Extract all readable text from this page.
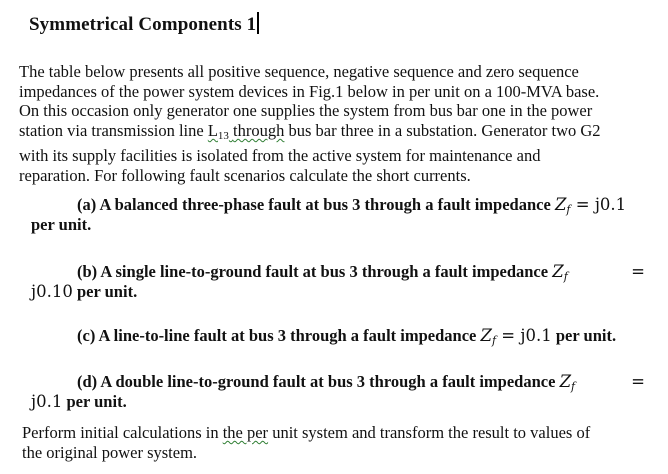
Symmetrical Components 1
The table below presents all positive sequence, negative sequence and zero sequence
impedances of the power system devices in Fig.1 below in per unit on a 100-MVA base.
On this occasion only generator one supplies the system from bus bar one in the power
station via transmission line L13 through bus bar three in a substation. Generator two G2
with its supply facilities is isolated from the active system for maintenance and
reparation. For following fault scenarios calculate the short currents.
(a) A balanced three-phase fault at bus 3 through a fault impedance $Z_f = j0.1$
per unit.
(b) A single line-to-ground fault at bus 3 through a fault impedance $Z_f$	=
j0.10 per unit.
(c) A line-to-line fault at bus 3 through a fault impedance $Z_f = j0.1$ per unit.
(d) A double line-to-ground fault at bus 3 through a fault impedance $Z_f$	=
j0.1 per unit.
Perform initial calculations in the per unit system and transform the result to values of
the original power system.
